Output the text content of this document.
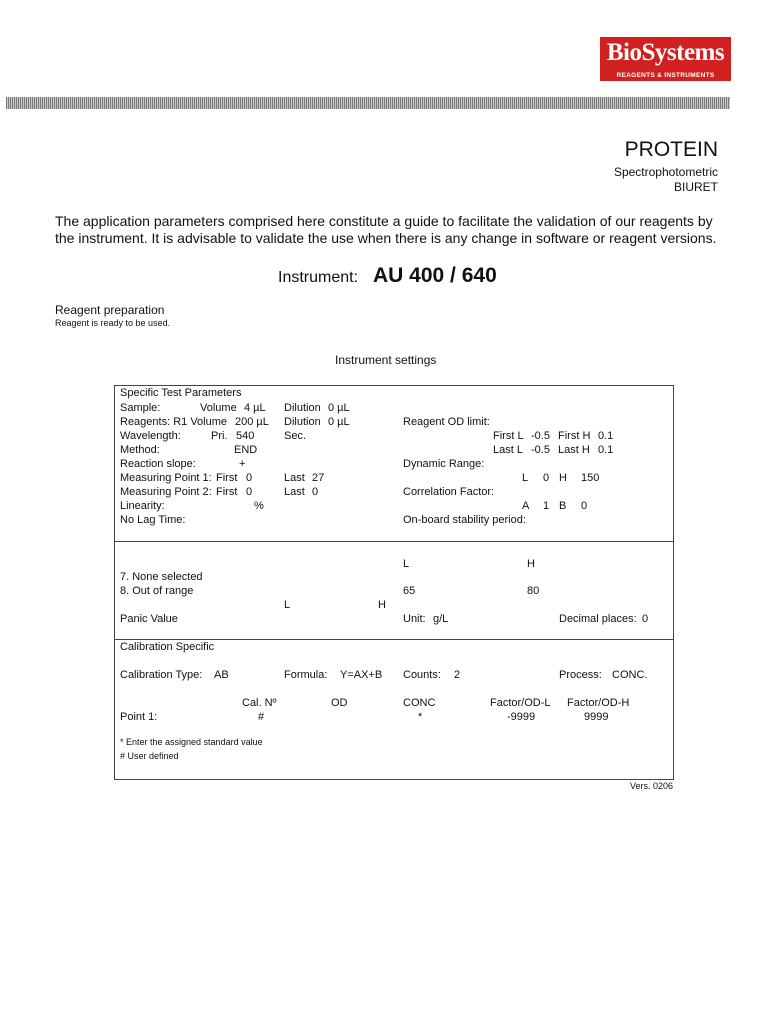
BioSystems
REAGENTS & INSTRUMENTS
PROTEIN
Spectrophotometric
BIURET
The application parameters comprised here constitute a guide to facilitate the validation of our reagents by the instrument. It is advisable to validate the use when there is any change in software or reagent versions.
Instrument: AU 400 / 640
Reagent preparation
Reagent is ready to be used.
Instrument settings
Specific Test Parameters
Sample:	Volume 4 µL Dilution 0 µL
Reagents: R1 Volume 200 µL Dilution 0 µL	Reagent OD limit:
Wavelength:	Pri. 540	Sec.	First L -0.5 First H 0.1
Method:	END	Last L -0.5 Last H 0.1
Reaction slope:	+	Dynamic Range:
Measuring Point 1: First 0	Last 27	L 0 H 150
Measuring Point 2: First 0	Last 0	Correlation Factor:
Linearity:	%	A 1 B 0
No Lag Time:	On-board stability period:
L	H
7. None selected
8. Out of range	65	80
L	H
Panic Value	Unit: g/L	Decimal places: 0
Calibration Specific
Calibration Type: AB	Formula: Y=AX+B Counts: 2	Process: CONC.
Cal. Nº	OD	CONC	Factor/OD-L Factor/OD-H
Point 1:	#	*	-9999	9999
* Enter the assigned standard value
# User defined
Vers. 0206
